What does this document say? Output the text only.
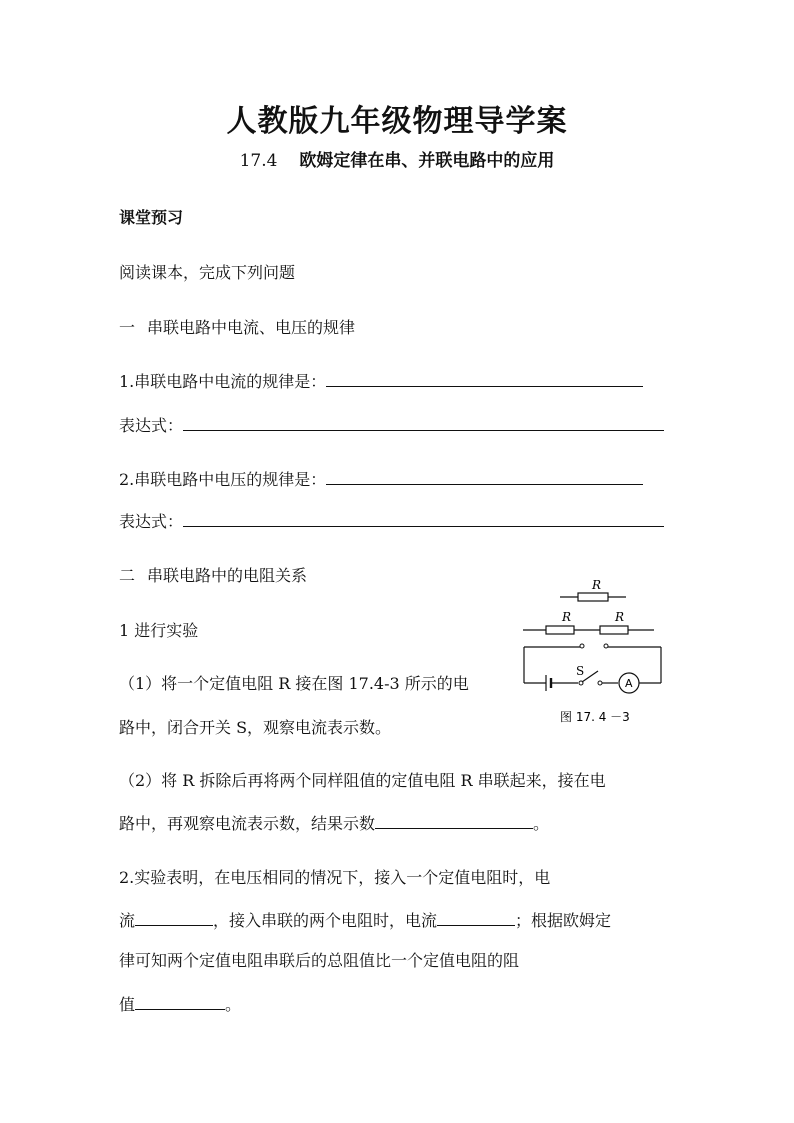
人教版九年级物理导学案
17.4 欧姆定律在串、并联电路中的应用
课堂预习
阅读课本，完成下列问题
一 串联电路中电流、电压的规律
1.串联电路中电流的规律是：
表达式：
2.串联电路中电压的规律是：
表达式：
二 串联电路中的电阻关系
1 进行实验
（1）将一个定值电阻 R 接在图 17.4-3 所示的电
路中，闭合开关 S，观察电流表示数。
（2）将 R 拆除后再将两个同样阻值的定值电阻 R 串联起来，接在电
路中，再观察电流表示数，结果示数	。
2.实验表明，在电压相同的情况下，接入一个定值电阻时，电
流	，接入串联的两个电阻时，电流	；根据欧姆定
律可知两个定值电阻串联后的总阻值比一个定值电阻的阻
值	。
R
R	R
S
A
图 17. 4 －3
